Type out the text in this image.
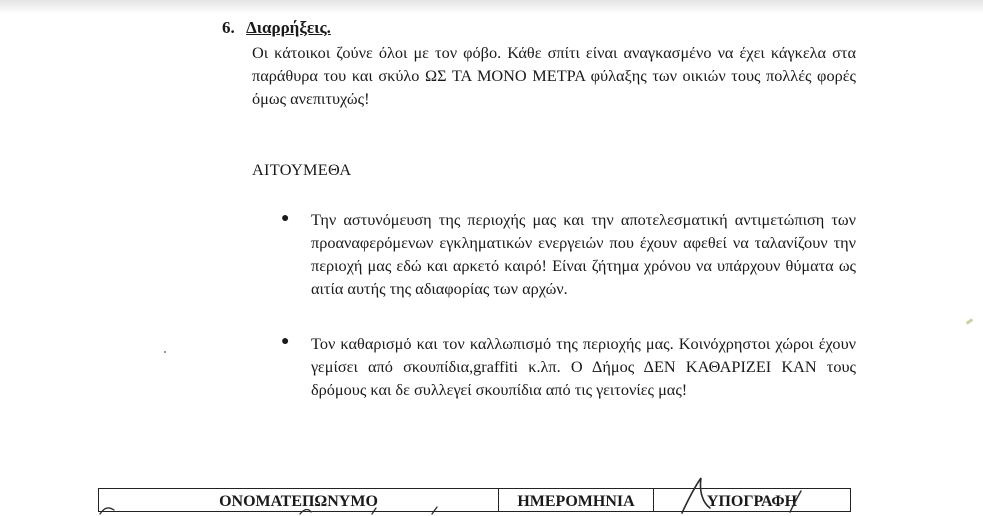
6. Διαρρήξεις.
Οι κάτοικοι ζούνε όλοι με τον φόβο. Κάθε σπίτι είναι αναγκασμένο να έχει κάγκελα στα παράθυρα του και σκύλο ΩΣ ΤΑ ΜΟΝΟ ΜΕΤΡΑ φύλαξης των οικιών τους πολλές φορές όμως ανεπιτυχώς!
ΑΙΤΟΥΜΕΘΑ
● Την αστυνόμευση της περιοχής μας και την αποτελεσματική αντιμετώπιση των προαναφερόμενων εγκληματικών ενεργειών που έχουν αφεθεί να ταλανίζουν την περιοχή μας εδώ και αρκετό καιρό! Είναι ζήτημα χρόνου να υπάρχουν θύματα ως αιτία αυτής της αδιαφορίας των αρχών.
● Τον καθαρισμό και τον καλλωπισμό της περιοχής μας. Κοινόχρηστοι χώροι έχουν γεμίσει από σκουπίδια,graffiti κ.λπ. Ο Δήμος ΔΕΝ ΚΑΘΑΡΙΖΕΙ ΚΑΝ τους δρόμους και δε συλλεγεί σκουπίδια από τις γειτονίες μας!
ΟΝΟΜΑΤΕΠΩΝΥΜΟ	ΗΜΕΡΟΜΗΝΙΑ	ΥΠΟΓΡΑΦΗ
